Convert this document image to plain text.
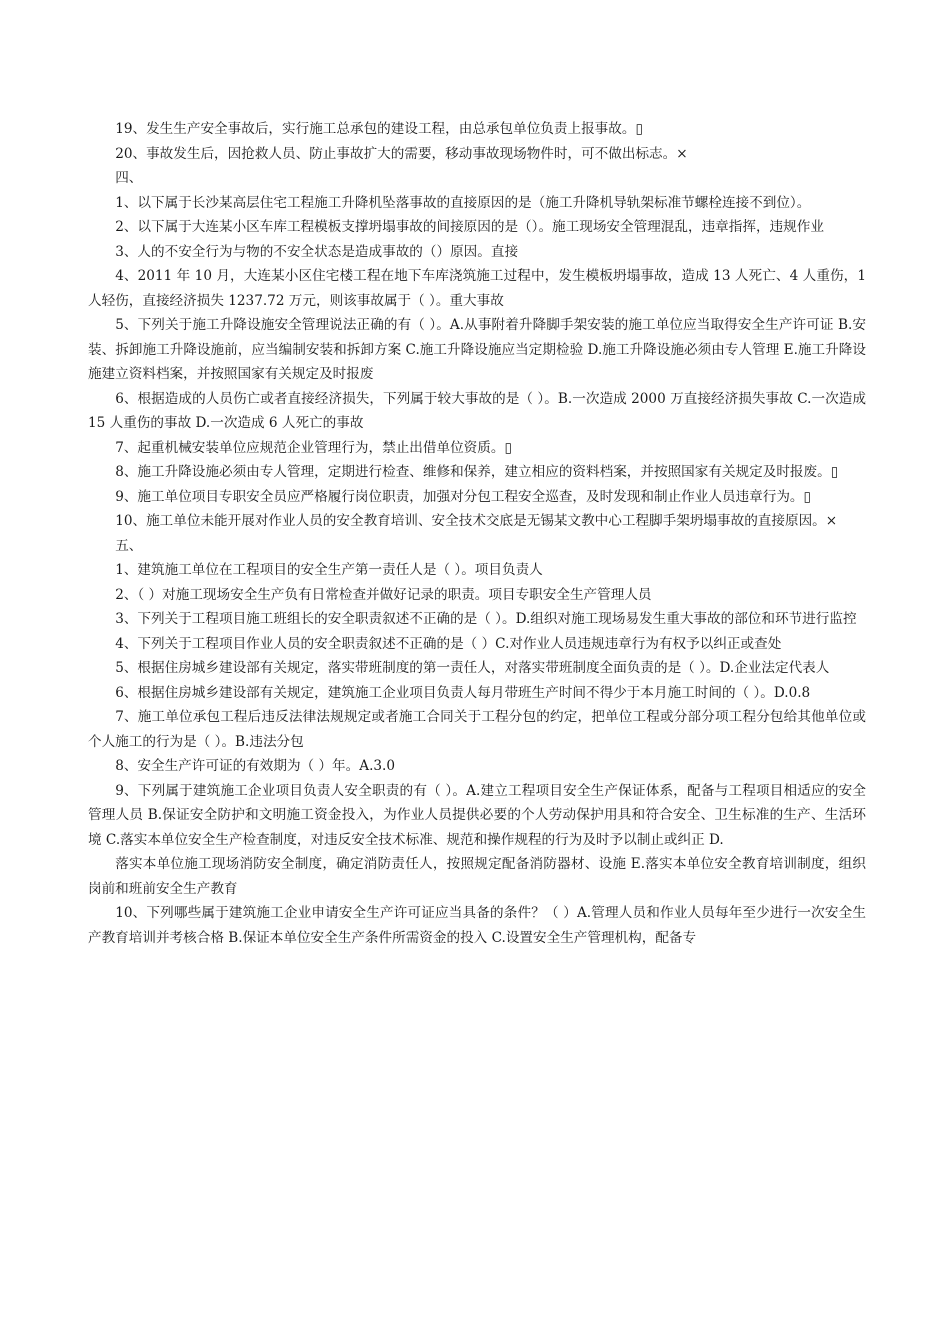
19、发生生产安全事故后，实行施工总承包的建设工程，由总承包单位负责上报事故。▯

20、事故发生后，因抢救人员、防止事故扩大的需要，移动事故现场物件时，可不做出标志。×

四、

1、以下属于长沙某高层住宅工程施工升降机坠落事故的直接原因的是（施工升降机导轨架标准节螺栓连接不到位）。

2、以下属于大连某小区车库工程模板支撑坍塌事故的间接原因的是（）。施工现场安全管理混乱，违章指挥，违规作业

3、人的不安全行为与物的不安全状态是造成事故的（）原因。直接

4、2011 年 10 月，大连某小区住宅楼工程在地下车库浇筑施工过程中，发生模板坍塌事故，造成 13 人死亡、4 人重伤，1 人轻伤，直接经济损失 1237.72 万元，则该事故属于（ ）。重大事故

5、下列关于施工升降设施安全管理说法正确的有（ ）。A.从事附着升降脚手架安装的施工单位应当取得安全生产许可证 B.安装、拆卸施工升降设施前，应当编制安装和拆卸方案 C.施工升降设施应当定期检验 D.施工升降设施必须由专人管理 E.施工升降设施建立资料档案，并按照国家有关规定及时报废

6、根据造成的人员伤亡或者直接经济损失，下列属于较大事故的是（ ）。B.一次造成 2000 万直接经济损失事故 C.一次造成 15 人重伤的事故 D.一次造成 6 人死亡的事故

7、起重机械安装单位应规范企业管理行为，禁止出借单位资质。▯

8、施工升降设施必须由专人管理，定期进行检查、维修和保养，建立相应的资料档案，并按照国家有关规定及时报废。▯

9、施工单位项目专职安全员应严格履行岗位职责，加强对分包工程安全巡查，及时发现和制止作业人员违章行为。▯

10、施工单位未能开展对作业人员的安全教育培训、安全技术交底是无锡某文教中心工程脚手架坍塌事故的直接原因。×

五、

1、建筑施工单位在工程项目的安全生产第一责任人是（ ）。项目负责人

2、（ ）对施工现场安全生产负有日常检查并做好记录的职责。项目专职安全生产管理人员

3、下列关于工程项目施工班组长的安全职责叙述不正确的是（ ）。D.组织对施工现场易发生重大事故的部位和环节进行监控

4、下列关于工程项目作业人员的安全职责叙述不正确的是（ ）C.对作业人员违规违章行为有权予以纠正或查处

5、根据住房城乡建设部有关规定，落实带班制度的第一责任人，对落实带班制度全面负责的是（ ）。D.企业法定代表人

6、根据住房城乡建设部有关规定，建筑施工企业项目负责人每月带班生产时间不得少于本月施工时间的（ ）。D.0.8

7、施工单位承包工程后违反法律法规规定或者施工合同关于工程分包的约定，把单位工程或分部分项工程分包给其他单位或个人施工的行为是（ ）。B.违法分包

8、安全生产许可证的有效期为（ ）年。A.3.0

9、下列属于建筑施工企业项目负责人安全职责的有（ ）。A.建立工程项目安全生产保证体系，配备与工程项目相适应的安全管理人员 B.保证安全防护和文明施工资金投入，为作业人员提供必要的个人劳动保护用具和符合安全、卫生标准的生产、生活环境 C.落实本单位安全生产检查制度，对违反安全技术标准、规范和操作规程的行为及时予以制止或纠正 D.

落实本单位施工现场消防安全制度，确定消防责任人，按照规定配备消防器材、设施 E.落实本单位安全教育培训制度，组织岗前和班前安全生产教育

10、下列哪些属于建筑施工企业申请安全生产许可证应当具备的条件？（ ）A.管理人员和作业人员每年至少进行一次安全生产教育培训并考核合格 B.保证本单位安全生产条件所需资金的投入 C.设置安全生产管理机构，配备专
